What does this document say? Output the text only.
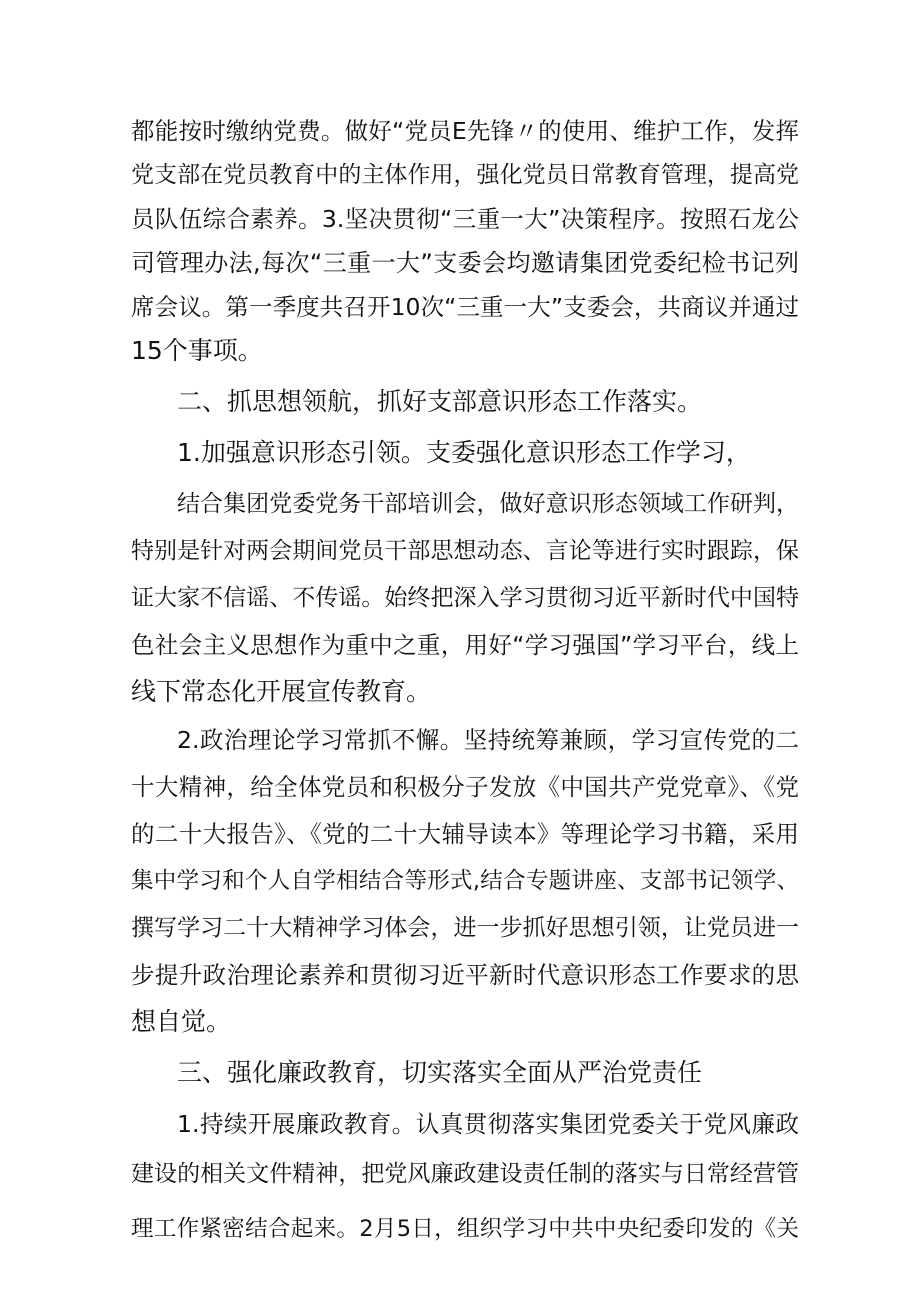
都能按时缴纳党费。做好“党员E先锋〃的使用、维护工作，发挥
党支部在党员教育中的主体作用，强化党员日常教育管理，提高党
员队伍综合素养。3.坚决贯彻“三重一大”决策程序。按照石龙公
司管理办法,每次“三重一大”支委会均邀请集团党委纪检书记列
席会议。第一季度共召开10次“三重一大”支委会，共商议并通过
15个事项。
二、抓思想领航，抓好支部意识形态工作落实。
1.加强意识形态引领。支委强化意识形态工作学习，
结合集团党委党务干部培训会，做好意识形态领域工作研判，
特别是针对两会期间党员干部思想动态、言论等进行实时跟踪，保
证大家不信谣、不传谣。始终把深入学习贯彻习近平新时代中国特
色社会主义思想作为重中之重，用好“学习强国”学习平台，线上
线下常态化开展宣传教育。
2.政治理论学习常抓不懈。坚持统筹兼顾，学习宣传党的二
十大精神，给全体党员和积极分子发放《中国共产党党章》、《党
的二十大报告》、《党的二十大辅导读本》等理论学习书籍，采用
集中学习和个人自学相结合等形式,结合专题讲座、支部书记领学、
撰写学习二十大精神学习体会，进一步抓好思想引领，让党员进一
步提升政治理论素养和贯彻习近平新时代意识形态工作要求的思
想自觉。
三、强化廉政教育，切实落实全面从严治党责任
1.持续开展廉政教育。认真贯彻落实集团党委关于党风廉政
建设的相关文件精神，把党风廉政建设责任制的落实与日常经营管
理工作紧密结合起来。2月5日，组织学习中共中央纪委印发的《关
